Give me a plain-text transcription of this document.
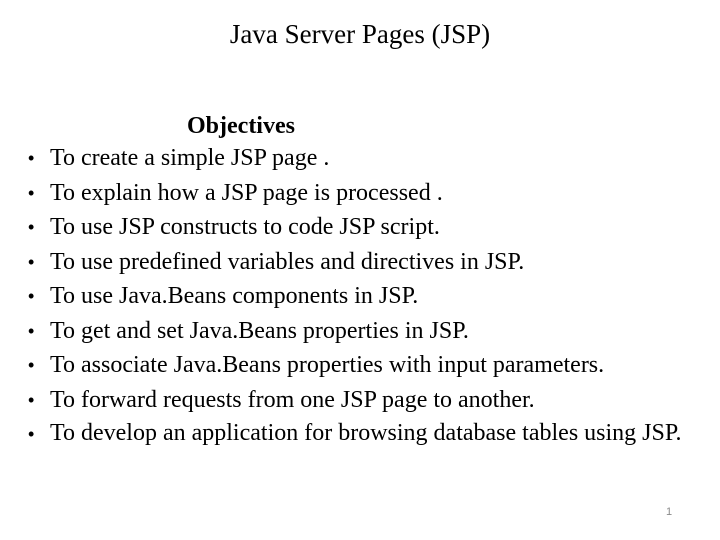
Java Server Pages (JSP)
Objectives
• To create a simple JSP page .
• To explain how a JSP page is processed .
• To use JSP constructs to code JSP script.
• To use predefined variables and directives in JSP.
• To use Java.Beans components in JSP.
• To get and set Java.Beans properties in JSP.
• To associate Java.Beans properties with input parameters.
• To forward requests from one JSP page to another.
• To develop an application for browsing database tables using JSP.
1
